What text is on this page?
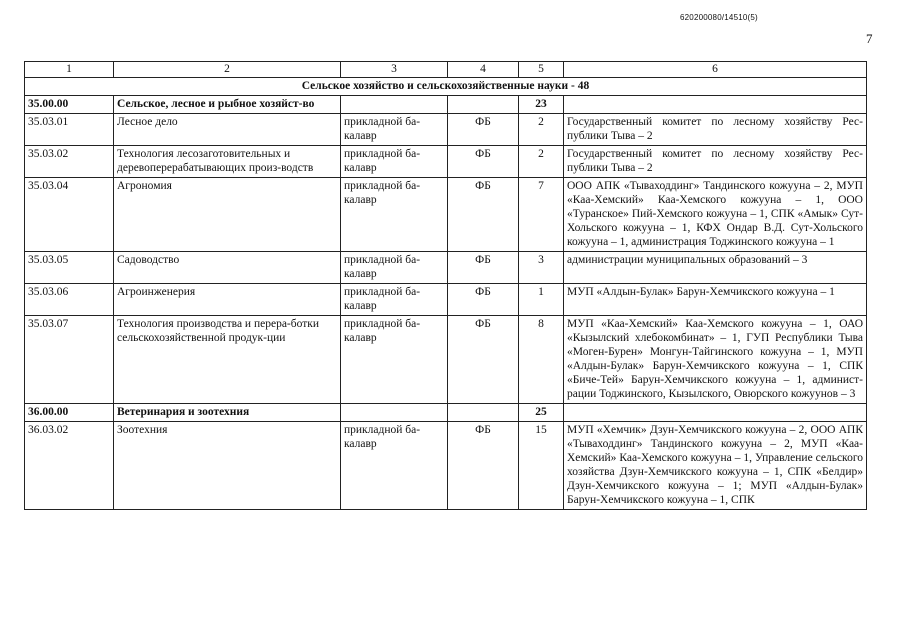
620200080/14510(5)
7
1	2	3	4	5	6
Сельское хозяйство и сельскохозяйственные науки - 48					
35.00.00	Сельское, лесное и рыбное хозяйст-во			23	
35.03.01	Лесное дело	прикладной ба-калавр	ФБ	2	Государственный комитет по лесному хозяйству Рес-публики Тыва – 2
35.03.02	Технология лесозаготовительных и деревоперерабатывающих произ-водств	прикладной ба-калавр	ФБ	2	Государственный комитет по лесному хозяйству Рес-публики Тыва – 2
35.03.04	Агрономия	прикладной ба-калавр	ФБ	7	ООО АПК «Тываходдинг» Тандинского кожууна – 2, МУП «Каа-Хемский» Каа-Хемского кожууна – 1, ООО «Туранское» Пий-Хемского кожууна – 1, СПК «Амык» Сут-Хольского кожууна – 1, КФХ Ондар В.Д. Сут-Хольского кожууна – 1, администрация Тоджинского кожууна – 1
35.03.05	Садоводство	прикладной ба-калавр	ФБ	3	администрации муниципальных образований – 3
35.03.06	Агроинженерия	прикладной ба-калавр	ФБ	1	МУП «Алдын-Булак» Барун-Хемчикского кожууна – 1
35.03.07	Технология производства и перера-ботки сельскохозяйственной продук-ции	прикладной ба-калавр	ФБ	8	МУП «Каа-Хемский» Каа-Хемского кожууна – 1, ОАО «Кызылский хлебокомбинат» – 1, ГУП Республики Тыва «Моген-Бурен» Монгун-Тайгинского кожууна – 1, МУП «Алдын-Булак» Барун-Хемчикского кожууна – 1, СПК «Биче-Тей» Барун-Хемчикского кожууна – 1, админист-рации Тоджинского, Кызылского, Овюрского кожуунов – 3
36.00.00	Ветеринария и зоотехния			25	
36.03.02	Зоотехния	прикладной ба-калавр	ФБ	15	МУП «Хемчик» Дзун-Хемчикского кожууна – 2, ООО АПК «Тываходдинг» Тандинского кожууна – 2, МУП «Каа-Хемский» Каа-Хемского кожууна – 1, Управление сельского хозяйства Дзун-Хемчикского кожууна – 1, СПК «Белдир» Дзун-Хемчикского кожууна – 1; МУП «Алдын-Булак» Барун-Хемчикского кожууна – 1, СПК
